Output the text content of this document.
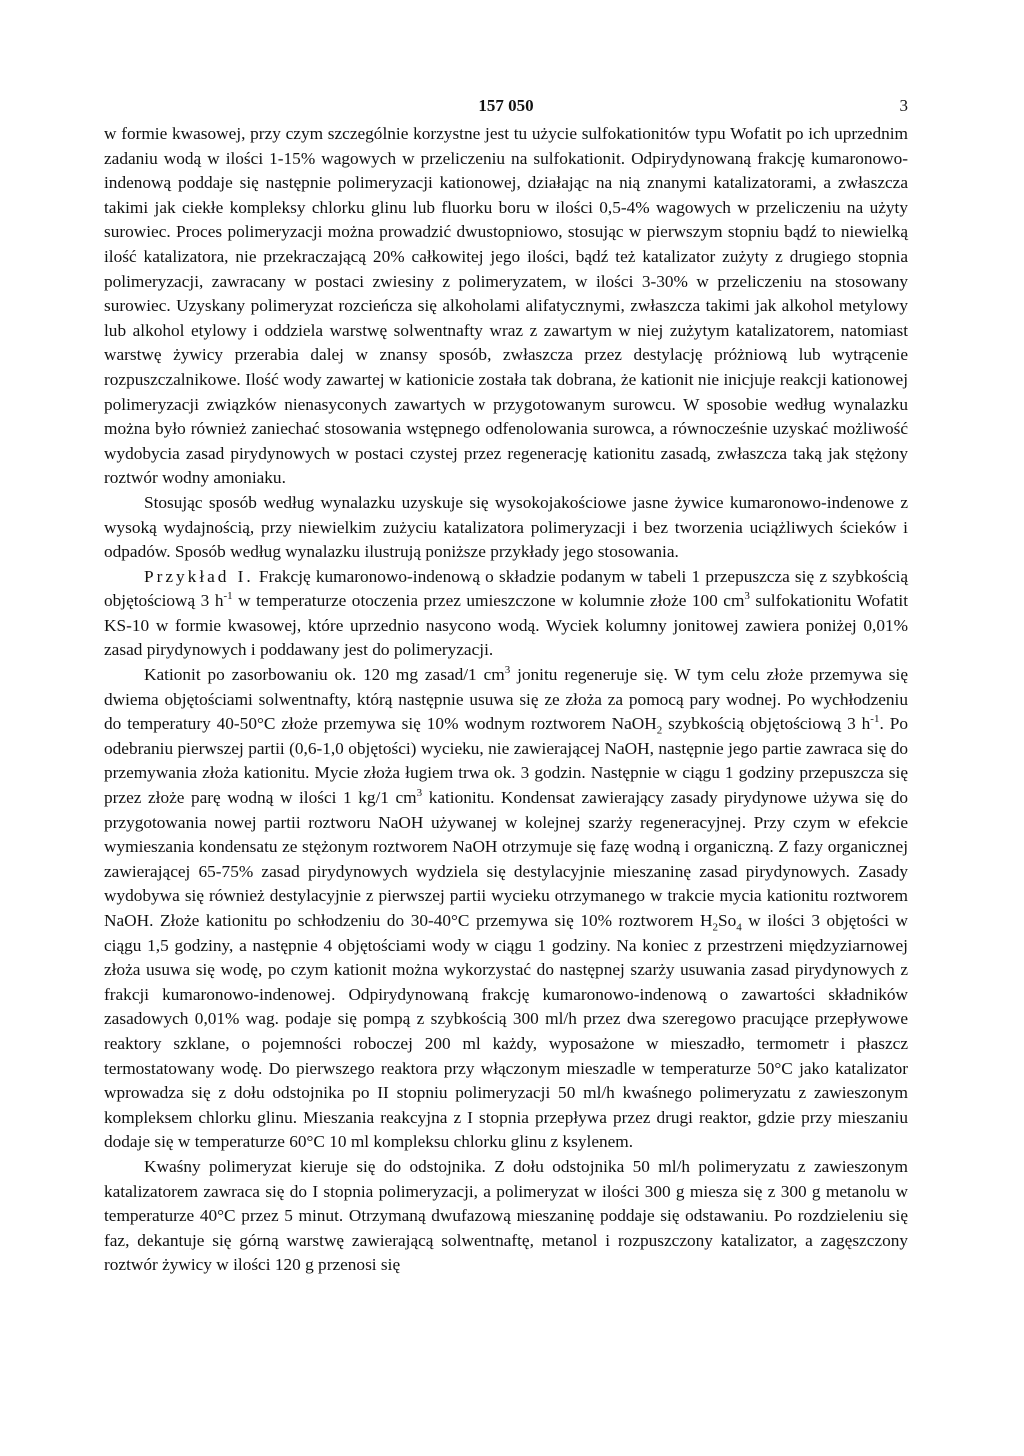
157 050	3

w formie kwasowej, przy czym szczególnie korzystne jest tu użycie sulfokationitów typu Wofatit po ich uprzednim zadaniu wodą w ilości 1-15% wagowych w przeliczeniu na sulfokationit. Odpirydynowaną frakcję kumaronowo-indenową poddaje się następnie polimeryzacji kationowej, działając na nią znanymi katalizatorami, a zwłaszcza takimi jak ciekłe kompleksy chlorku glinu lub fluorku boru w ilości 0,5-4% wagowych w przeliczeniu na użyty surowiec. Proces polimeryzacji można prowadzić dwustopniowo, stosując w pierwszym stopniu bądź to niewielką ilość katalizatora, nie przekraczającą 20% całkowitej jego ilości, bądź też katalizator zużyty z drugiego stopnia polimeryzacji, zawracany w postaci zwiesiny z polimeryzatem, w ilości 3-30% w przeliczeniu na stosowany surowiec. Uzyskany polimeryzat rozcieńcza się alkoholami alifatycznymi, zwłaszcza takimi jak alkohol metylowy lub alkohol etylowy i oddziela warstwę solwentnafty wraz z zawartym w niej zużytym katalizatorem, natomiast warstwę żywicy przerabia dalej w znansy sposób, zwłaszcza przez destylację próżniową lub wytrącenie rozpuszczalnikowe. Ilość wody zawartej w kationicie została tak dobrana, że kationit nie inicjuje reakcji kationowej polimeryzacji związków nienasyconych zawartych w przygotowanym surowcu. W sposobie według wynalazku można było również zaniechać stosowania wstępnego odfenolowania surowca, a równocześnie uzyskać możliwość wydobycia zasad pirydynowych w postaci czystej przez regenerację kationitu zasadą, zwłaszcza taką jak stężony roztwór wodny amoniaku.

Stosując sposób według wynalazku uzyskuje się wysokojakościowe jasne żywice kumaronowo-indenowe z wysoką wydajnością, przy niewielkim zużyciu katalizatora polimeryzacji i bez tworzenia uciążliwych ścieków i odpadów. Sposób według wynalazku ilustrują poniższe przykłady jego stosowania.

Przykład I. Frakcję kumaronowo-indenową o składzie podanym w tabeli 1 przepuszcza się z szybkością objętościową 3 $h^{-1}$ w temperaturze otoczenia przez umieszczone w kolumnie złoże 100 $cm^3$ sulfokationitu Wofatit KS-10 w formie kwasowej, które uprzednio nasycono wodą. Wyciek kolumny jonitowej zawiera poniżej 0,01% zasad pirydynowych i poddawany jest do polimeryzacji.

Kationit po zasorbowaniu ok. 120 mg zasad/1 $cm^3$ jonitu regeneruje się. W tym celu złoże przemywa się dwiema objętościami solwentnafty, którą następnie usuwa się ze złoża za pomocą pary wodnej. Po wychłodzeniu do temperatury 40-50°C złoże przemywa się 10% wodnym roztworem NaOH$_2$ szybkością objętościową 3 $h^{-1}$. Po odebraniu pierwszej partii (0,6-1,0 objętości) wycieku, nie zawierającej NaOH, następnie jego partie zawraca się do przemywania złoża kationitu. Mycie złoża ługiem trwa ok. 3 godzin. Następnie w ciągu 1 godziny przepuszcza się przez złoże parę wodną w ilości 1 kg/1 $cm^3$ kationitu. Kondensat zawierający zasady pirydynowe używa się do przygotowania nowej partii roztworu NaOH używanej w kolejnej szarży regeneracyjnej. Przy czym w efekcie wymieszania kondensatu ze stężonym roztworem NaOH otrzymuje się fazę wodną i organiczną. Z fazy organicznej zawierającej 65-75% zasad pirydynowych wydziela się destylacyjnie mieszaninę zasad pirydynowych. Zasady wydobywa się również destylacyjnie z pierwszej partii wycieku otrzymanego w trakcie mycia kationitu roztworem NaOH. Złoże kationitu po schłodzeniu do 30-40°C przemywa się 10% roztworem $H_2So_4$ w ilości 3 objętości w ciągu 1,5 godziny, a następnie 4 objętościami wody w ciągu 1 godziny. Na koniec z przestrzeni międzyziarnowej złoża usuwa się wodę, po czym kationit można wykorzystać do następnej szarży usuwania zasad pirydynowych z frakcji kumaronowo-indenowej. Odpirydynowaną frakcję kumaronowo-indenową o zawartości składników zasadowych 0,01% wag. podaje się pompą z szybkością 300 ml/h przez dwa szeregowo pracujące przepływowe reaktory szklane, o pojemności roboczej 200 ml każdy, wyposażone w mieszadło, termometr i płaszcz termostatowany wodę. Do pierwszego reaktora przy włączonym mieszadle w temperaturze 50°C jako katalizator wprowadza się z dołu odstojnika po II stopniu polimeryzacji 50 ml/h kwaśnego polimeryzatu z zawieszonym kompleksem chlorku glinu. Mieszania reakcyjna z I stopnia przepływa przez drugi reaktor, gdzie przy mieszaniu dodaje się w temperaturze 60°C 10 ml kompleksu chlorku glinu z ksylenem.

Kwaśny polimeryzat kieruje się do odstojnika. Z dołu odstojnika 50 ml/h polimeryzatu z zawieszonym katalizatorem zawraca się do I stopnia polimeryzacji, a polimeryzat w ilości 300 g miesza się z 300 g metanolu w temperaturze 40°C przez 5 minut. Otrzymaną dwufazową mieszaninę poddaje się odstawaniu. Po rozdzieleniu się faz, dekantuje się górną warstwę zawierającą solwentnaftę, metanol i rozpuszczony katalizator, a zagęszczony roztwór żywicy w ilości 120 g przenosi się
